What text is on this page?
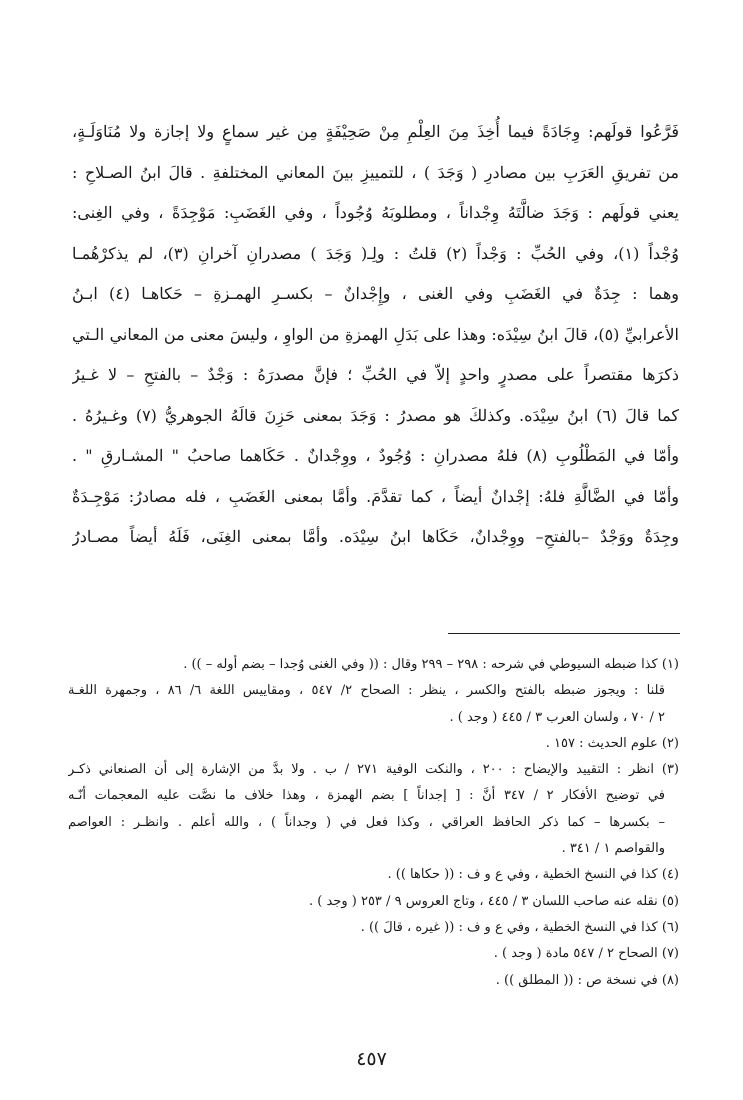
فَرَّعُوا قولَهم: وِجَادَةً فيما أُخِذَ مِنَ العِلْمِ مِنْ صَحِيْفَةٍ مِن غير سماعٍ ولا إجازة ولا مُنَاوَلَـةٍ،
من تفريقِ العَرَبِ بين مصادرِ ( وَجَدَ ) ، للتمييزِ بينَ المعاني المختلفةِ . قالَ ابنُ الصـلاحِ :
يعني قولَهم : وَجَدَ ضالَّتَهُ وِجْداناً ، ومطلوبَهُ وُجُوداً ، وفي الغَضَبِ: مَوْجِدَةً ، وفي الغِنى:
وُجْداً (١)، وفي الحُبِّ : وَجْداً (٢) قلتُ : ولِـ( وَجَدَ ) مصدرانِ آخرانِ (٣)، لم يذكرْهُمـا
وهما : جِدَةٌ في الغَضَبِ وفي الغنى ، وإِجْدانٌ – بكسـرِ الهمـزةِ – حَكاهـا (٤) ابـنُ
الأعرابيِّ (٥)، قالَ ابنُ سِيْدَه: وهذا على بَدَلِ الهمزةِ من الواوِ ، وليسَ معنى من المعاني الـتي
ذكرَها مقتصراً على مصدرٍ واحدٍ إلاّ في الحُبِّ ؛ فإنَّ مصدرَهُ : وَجْدٌ – بالفتحِ – لا غـيرُ
كما قالَ (٦) ابنُ سِيْدَه. وكذلكَ هو مصدرُ : وَجَدَ بمعنى حَزِنَ قالَهُ الجوهريُّ (٧) وغـيرُهُ .
وأمّا في المَطْلُوبِ (٨) فلهُ مصدرانِ : وُجُودٌ ، ووِجْدانٌ . حَكَاهما صاحبُ " المشـارقِ " .
وأمّا في الضَّالَّةِ فلهُ: إجْدانٌ أيضاً ، كما تقدَّمَ. وأمَّا بمعنى الغَضَبِ ، فله مصادرُ: مَوْجِـدَةٌ
وجِدَةٌ ووَجْدٌ –بالفتحِ– ووِجْدانٌ، حَكَاها ابنُ سِيْدَه. وأمَّا بمعنى الغِنَى، فَلَهُ أيضاً مصـادرُ
(١) كذا ضبطه السيوطي في شرحه : ٢٩٨ – ٢٩٩ وقال : (( وفي الغنى وُجدا – بضم أوله – )) .
قلنا : ويجوز ضبطه بالفتح والكسر ، ينظر : الصحاح ٢/ ٥٤٧ ، ومقاييس اللغة ٦/ ٨٦ ، وجمهرة اللغـة
٢ / ٧٠ ، ولسان العرب ٣ / ٤٤٥ ( وجد ) .
(٢) علوم الحديث : ١٥٧ .
(٣) انظر : التقييد والإيضاح : ٢٠٠ ، والنكت الوفية ٢٧١ / ب . ولا بدَّ من الإشارة إلى أن الصنعاني ذكـر
في توضيح الأفكار ٢ / ٣٤٧ أنَّ : [ إجداناً ] بضم الهمزة ، وهذا خلاف ما نصَّت عليه المعجمات أنّـه
– بكسرها – كما ذكر الحافظ العراقي ، وكذا فعل في ( وجداناً ) ، والله أعلم . وانظـر : العواصم
والقواصم ١ / ٣٤١ .
(٤) كذا في النسخ الخطية ، وفي ع و ف : (( حكاها )) .
(٥) نقله عنه صاحب اللسان ٣ / ٤٤٥ ، وتاج العروس ٩ / ٢٥٣ ( وجد ) .
(٦) كذا في النسخ الخطية ، وفي ع و ف : (( غيره ، قالَ )) .
(٧) الصحاح ٢ / ٥٤٧ مادة ( وجد ) .
(٨) في نسخة ص : (( المطلق )) .
٤٥٧
